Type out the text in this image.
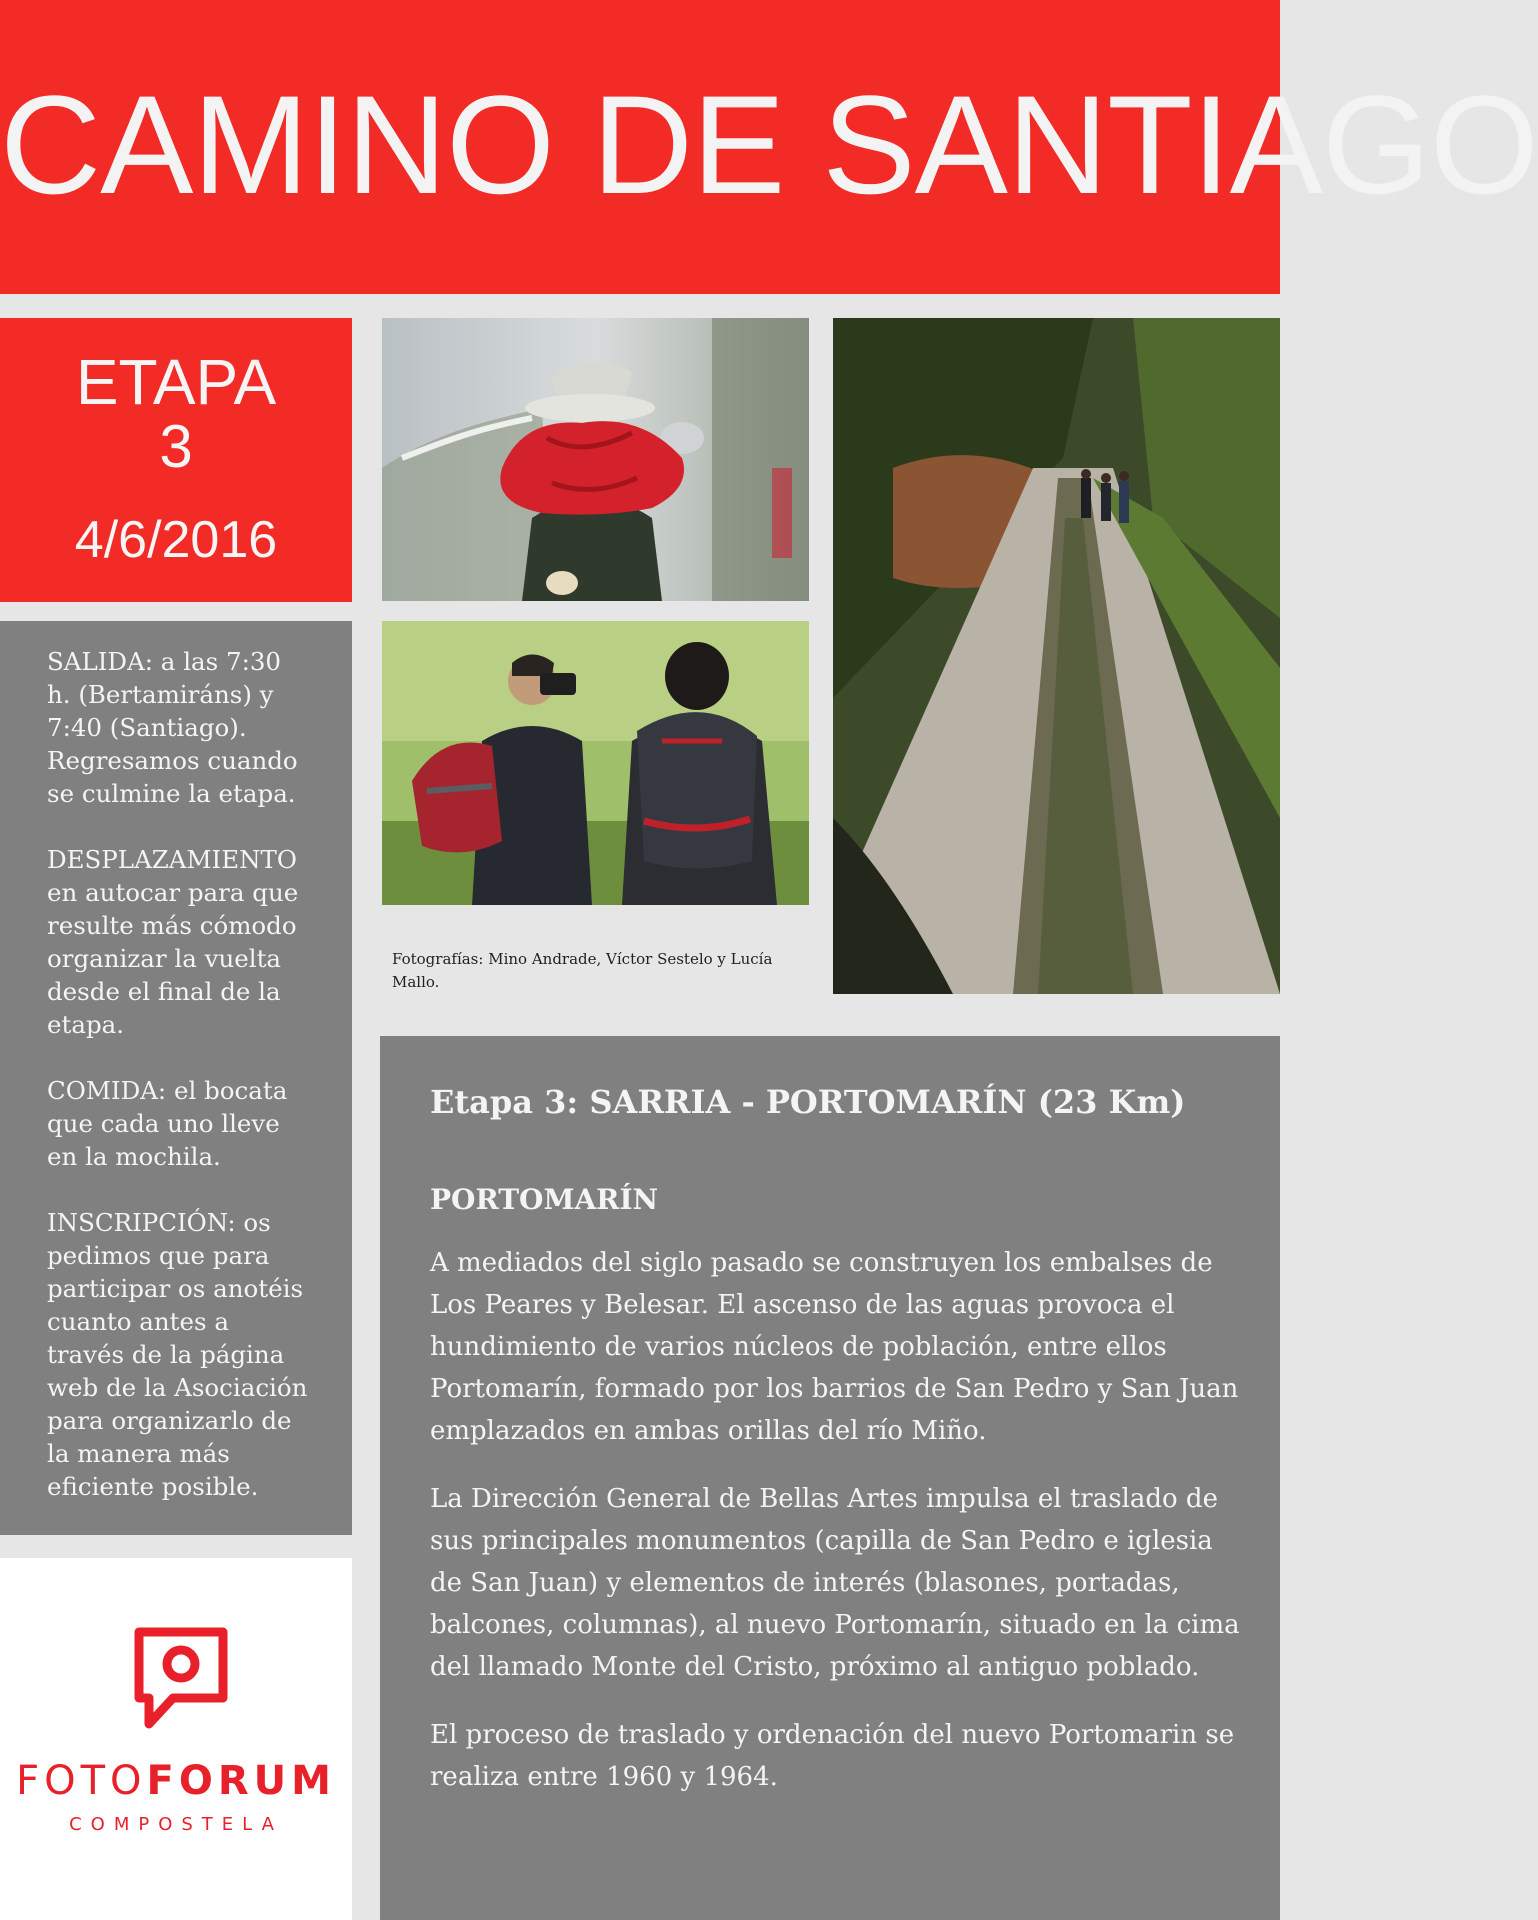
CAMINO DE SANTIAGO
ETAPA
3
4/6/2016

SALIDA: a las 7:30 h. (Bertamiráns) y 7:40 (Santiago). Regresamos cuando se culmine la etapa.

DESPLAZAMIENTO en autocar para que resulte más cómodo organizar la vuelta desde el final de la etapa.

COMIDA: el bocata que cada uno lleve en la mochila.

INSCRIPCIÓN: os pedimos que para participar os anotéis cuanto antes a través de la página web de la Asociación para organizarlo de la manera más eficiente posible.

FOTOFORUM
COMPOSTELA
Fotografías: Mino Andrade, Víctor Sestelo y Lucía Mallo.
Etapa 3: SARRIA - PORTOMARÍN (23 Km)
PORTOMARÍN

A mediados del siglo pasado se construyen los embalses de Los Peares y Belesar. El ascenso de las aguas provoca el hundimiento de varios núcleos de población, entre ellos Portomarín, formado por los barrios de San Pedro y San Juan emplazados en ambas orillas del río Miño.

La Dirección General de Bellas Artes impulsa el traslado de sus principales monumentos (capilla de San Pedro e iglesia de San Juan) y elementos de interés (blasones, portadas, balcones, columnas), al nuevo Portomarín, situado en la cima del llamado Monte del Cristo, próximo al antiguo poblado.

El proceso de traslado y ordenación del nuevo Portomarin se realiza entre 1960 y 1964.
